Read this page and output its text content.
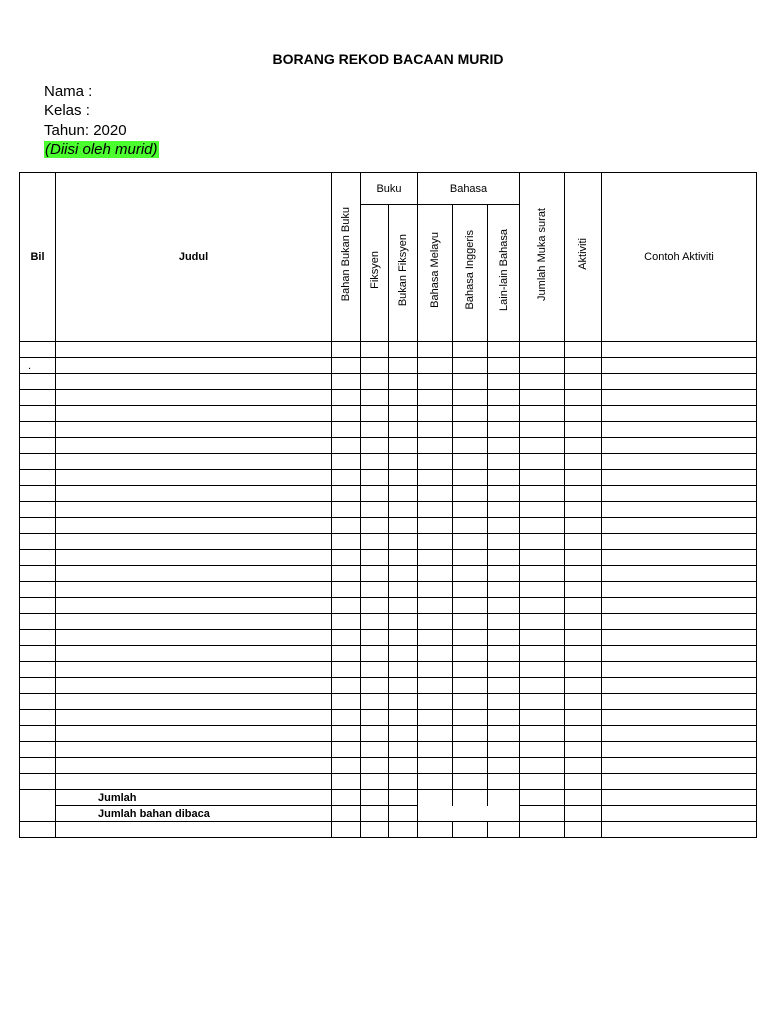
BORANG REKOD BACAAN MURID
Nama :
Kelas :
Tahun: 2020
(Diisi oleh murid)
Bil	Judul	Bahan Bukan Buku	Buku		Bahasa			Jumlah Muka surat	Aktiviti	Contoh Aktiviti

			Fiksyen	Bukan Fiksyen	Bahasa Melayu	Bahasa Inggeris	Lain-lain Bahasa			

.										

	Jumlah									
	Jumlah bahan dibaca									
